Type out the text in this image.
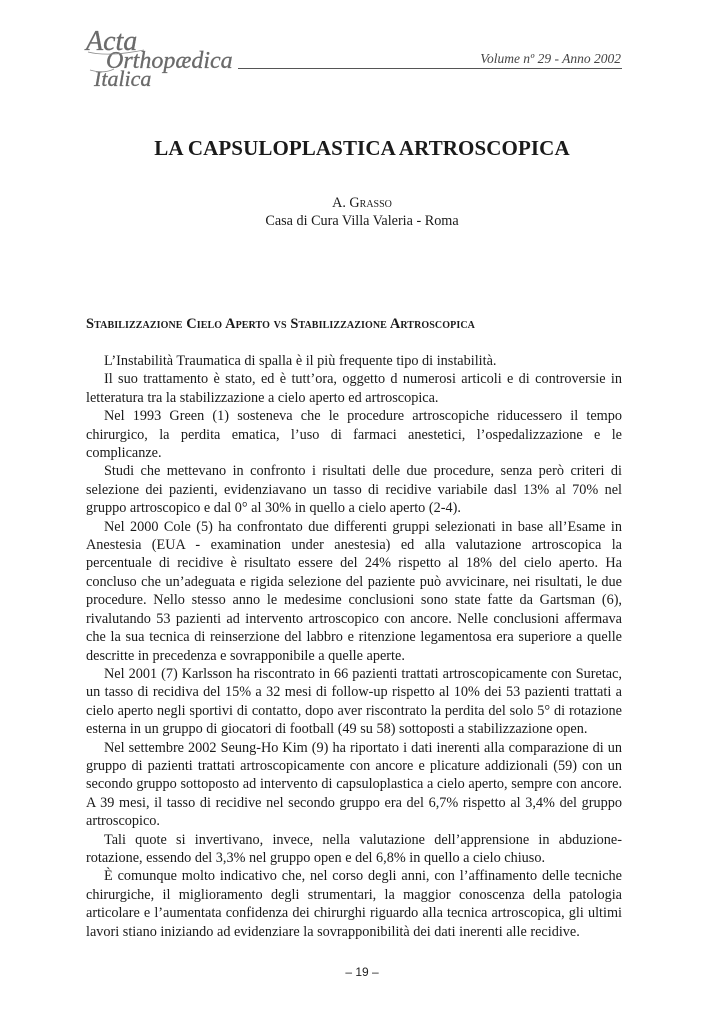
Acta
Orthopædica
Italica
Volume nº 29 - Anno 2002
LA CAPSULOPLASTICA ARTROSCOPICA
A. Grasso
Casa di Cura Villa Valeria - Roma
Stabilizzazione Cielo Aperto vs Stabilizzazione Artroscopica

L’Instabilità Traumatica di spalla è il più frequente tipo di instabilità.

Il suo trattamento è stato, ed è tutt’ora, oggetto d numerosi articoli e di controversie in letteratura tra la stabilizzazione a cielo aperto ed artroscopica.

Nel 1993 Green (1) sosteneva che le procedure artroscopiche riducessero il tempo chirurgico, la perdita ematica, l’uso di farmaci anestetici, l’ospedalizzazione e le complicanze.

Studi che mettevano in confronto i risultati delle due procedure, senza però criteri di selezione dei pazienti, evidenziavano un tasso di recidive variabile dasl 13% al 70% nel gruppo artroscopico e dal 0° al 30% in quello a cielo aperto (2-4).

Nel 2000 Cole (5) ha confrontato due differenti gruppi selezionati in base all’Esame in Anestesia (EUA - examination under anestesia) ed alla valutazione artroscopica la percentuale di recidive è risultato essere del 24% rispetto al 18% del cielo aperto. Ha concluso che un’adeguata e rigida selezione del paziente può avvicinare, nei risultati, le due procedure. Nello stesso anno le medesime conclusioni sono state fatte da Gartsman (6), rivalutando 53 pazienti ad intervento artroscopico con ancore. Nelle conclusioni affermava che la sua tecnica di reinserzione del labbro e ritenzione legamentosa era superiore a quelle descritte in precedenza e sovrapponibile a quelle aperte.

Nel 2001 (7) Karlsson ha riscontrato in 66 pazienti trattati artroscopicamente con Suretac, un tasso di recidiva del 15% a 32 mesi di follow-up rispetto al 10% dei 53 pazienti trattati a cielo aperto negli sportivi di contatto, dopo aver riscontrato la perdita del solo 5° di rotazione esterna in un gruppo di giocatori di football (49 su 58) sottoposti a stabilizzazione open.

Nel settembre 2002 Seung-Ho Kim (9) ha riportato i dati inerenti alla comparazione di un gruppo di pazienti trattati artroscopicamente con ancore e plicature addizionali (59) con un secondo gruppo sottoposto ad intervento di capsuloplastica a cielo aperto, sempre con ancore. A 39 mesi, il tasso di recidive nel secondo gruppo era del 6,7% rispetto al 3,4% del gruppo artroscopico.

Tali quote si invertivano, invece, nella valutazione dell’apprensione in abduzione-rotazione, essendo del 3,3% nel gruppo open e del 6,8% in quello a cielo chiuso.

È comunque molto indicativo che, nel corso degli anni, con l’affinamento delle tecniche chirurgiche, il miglioramento degli strumentari, la maggior conoscenza della patologia articolare e l’aumentata confidenza dei chirurghi riguardo alla tecnica artroscopica, gli ultimi lavori stiano iniziando ad evidenziare la sovrapponibilità dei dati inerenti alle recidive.

– 19 –
